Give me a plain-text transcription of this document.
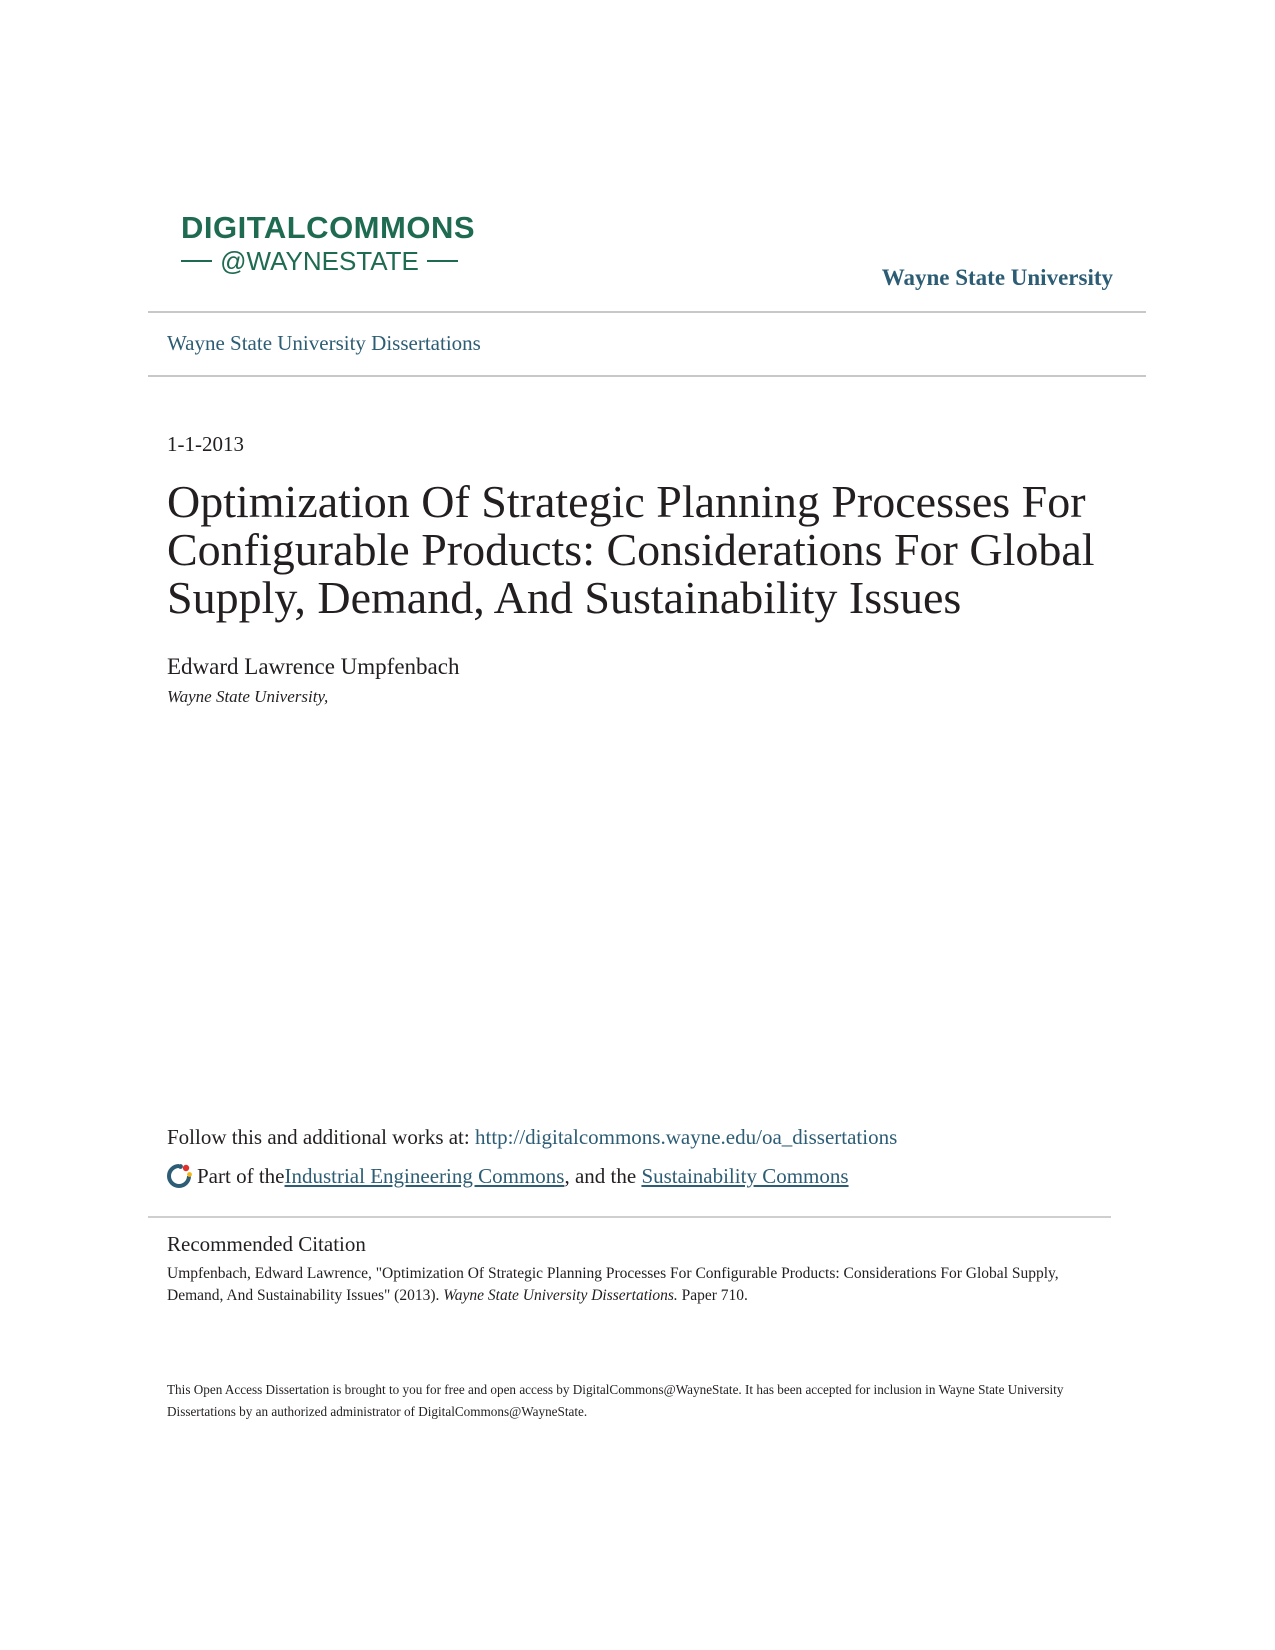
DIGITALCOMMONS
@WAYNESTATE
Wayne State University
Wayne State University Dissertations
1-1-2013
Optimization Of Strategic Planning Processes For Configurable Products: Considerations For Global Supply, Demand, And Sustainability Issues
Edward Lawrence Umpfenbach
Wayne State University,
Follow this and additional works at: http://digitalcommons.wayne.edu/oa_dissertations
Part of the Industrial Engineering Commons , and the Sustainability Commons
Recommended Citation
Umpfenbach, Edward Lawrence, "Optimization Of Strategic Planning Processes For Configurable Products: Considerations For Global Supply, Demand, And Sustainability Issues" (2013). Wayne State University Dissertations. Paper 710.
This Open Access Dissertation is brought to you for free and open access by DigitalCommons@WayneState. It has been accepted for inclusion in Wayne State University Dissertations by an authorized administrator of DigitalCommons@WayneState.
